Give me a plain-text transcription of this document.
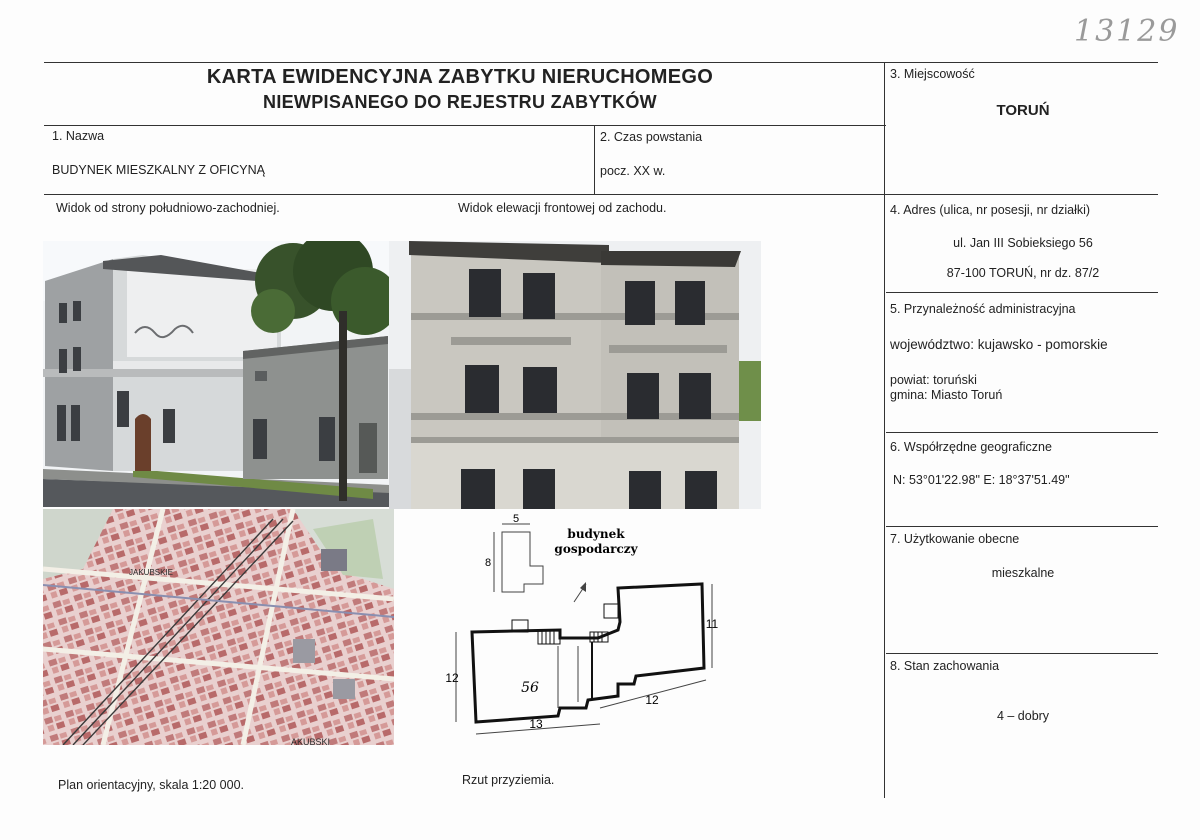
13129
KARTA EWIDENCYJNA ZABYTKU NIERUCHOMEGO
NIEWPISANEGO DO REJESTRU ZABYTKÓW
3. Miejscowość
TORUŃ
1. Nazwa
BUDYNEK MIESZKALNY Z OFICYNĄ
2. Czas powstania
pocz. XX w.
4. Adres (ulica, nr posesji, nr działki)
ul. Jan III Sobieksiego 56
87-100 TORUŃ, nr dz. 87/2
5. Przynależność administracyjna
województwo: kujawsko - pomorskie
powiat: toruński
gmina: Miasto Toruń
6. Współrzędne geograficzne
N: 53°01'22.98" E: 18°37'51.49"
7. Użytkowanie obecne
mieszkalne
8. Stan zachowania
4 – dobry
Widok od strony południowo-zachodniej.	Widok elewacji frontowej od zachodu.
Plan orientacyjny, skala 1:20 000.	Rzut przyziemia.
JAKUBSKIE
AKUBSKI
5
8
budynek
gospodarczy
12
11
13
12
56
